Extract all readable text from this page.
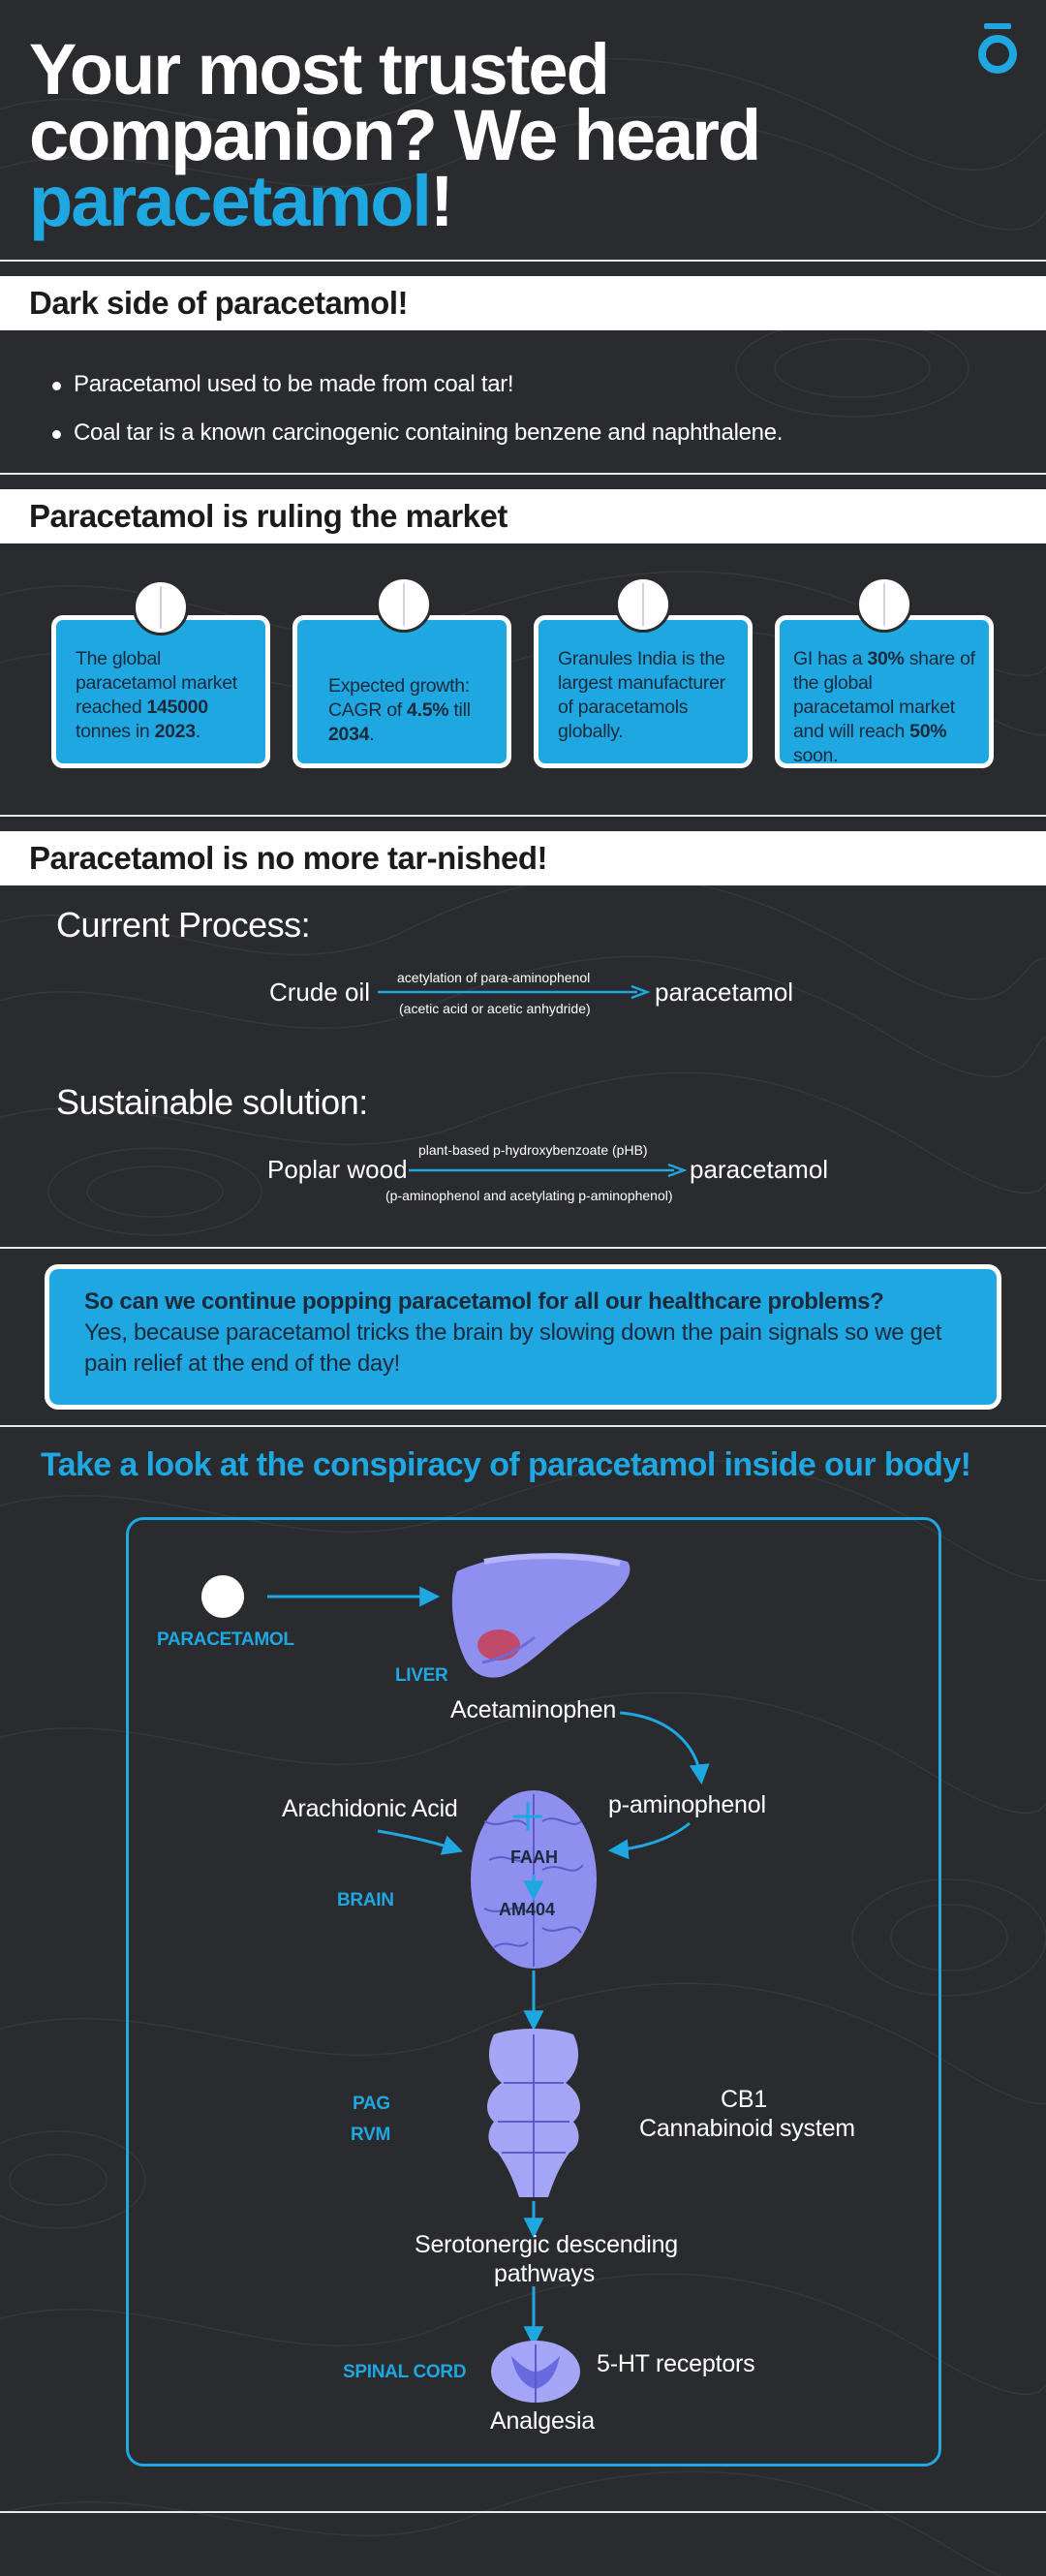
Your most trusted
companion? We heard
paracetamol!
Dark side of paracetamol!
Paracetamol used to be made from coal tar!
Coal tar is a known carcinogenic containing benzene and naphthalene.
Paracetamol is ruling the market
The global paracetamol market reached 145000 tonnes in 2023.
Expected growth: CAGR of 4.5% till 2034.
Granules India is the largest manufacturer of paracetamols globally.
GI has a 30% share of the global paracetamol market and will reach 50% soon.
Paracetamol is no more tar-nished!
Current Process:
Crude oil acetylation of para-aminophenol
(acetic acid or acetic anhydride)
paracetamol
Sustainable solution:
Poplar wood
plant-based p-hydroxybenzoate (pHB)
(p-aminophenol and acetylating p-aminophenol)
paracetamol
So can we continue popping paracetamol for all our healthcare problems?
Yes, because paracetamol tricks the brain by slowing down the pain signals so we get pain relief at the end of the day!
Take a look at the conspiracy of paracetamol inside our body!
PARACETAMOL
LIVER
Acetaminophen
p-aminophenol
Arachidonic Acid
BRAIN
FAAH
AM404
PAG
RVM
CB1
Cannabinoid system
Serotonergic descending
pathways
SPINAL CORD	5-HT receptors
Analgesia
